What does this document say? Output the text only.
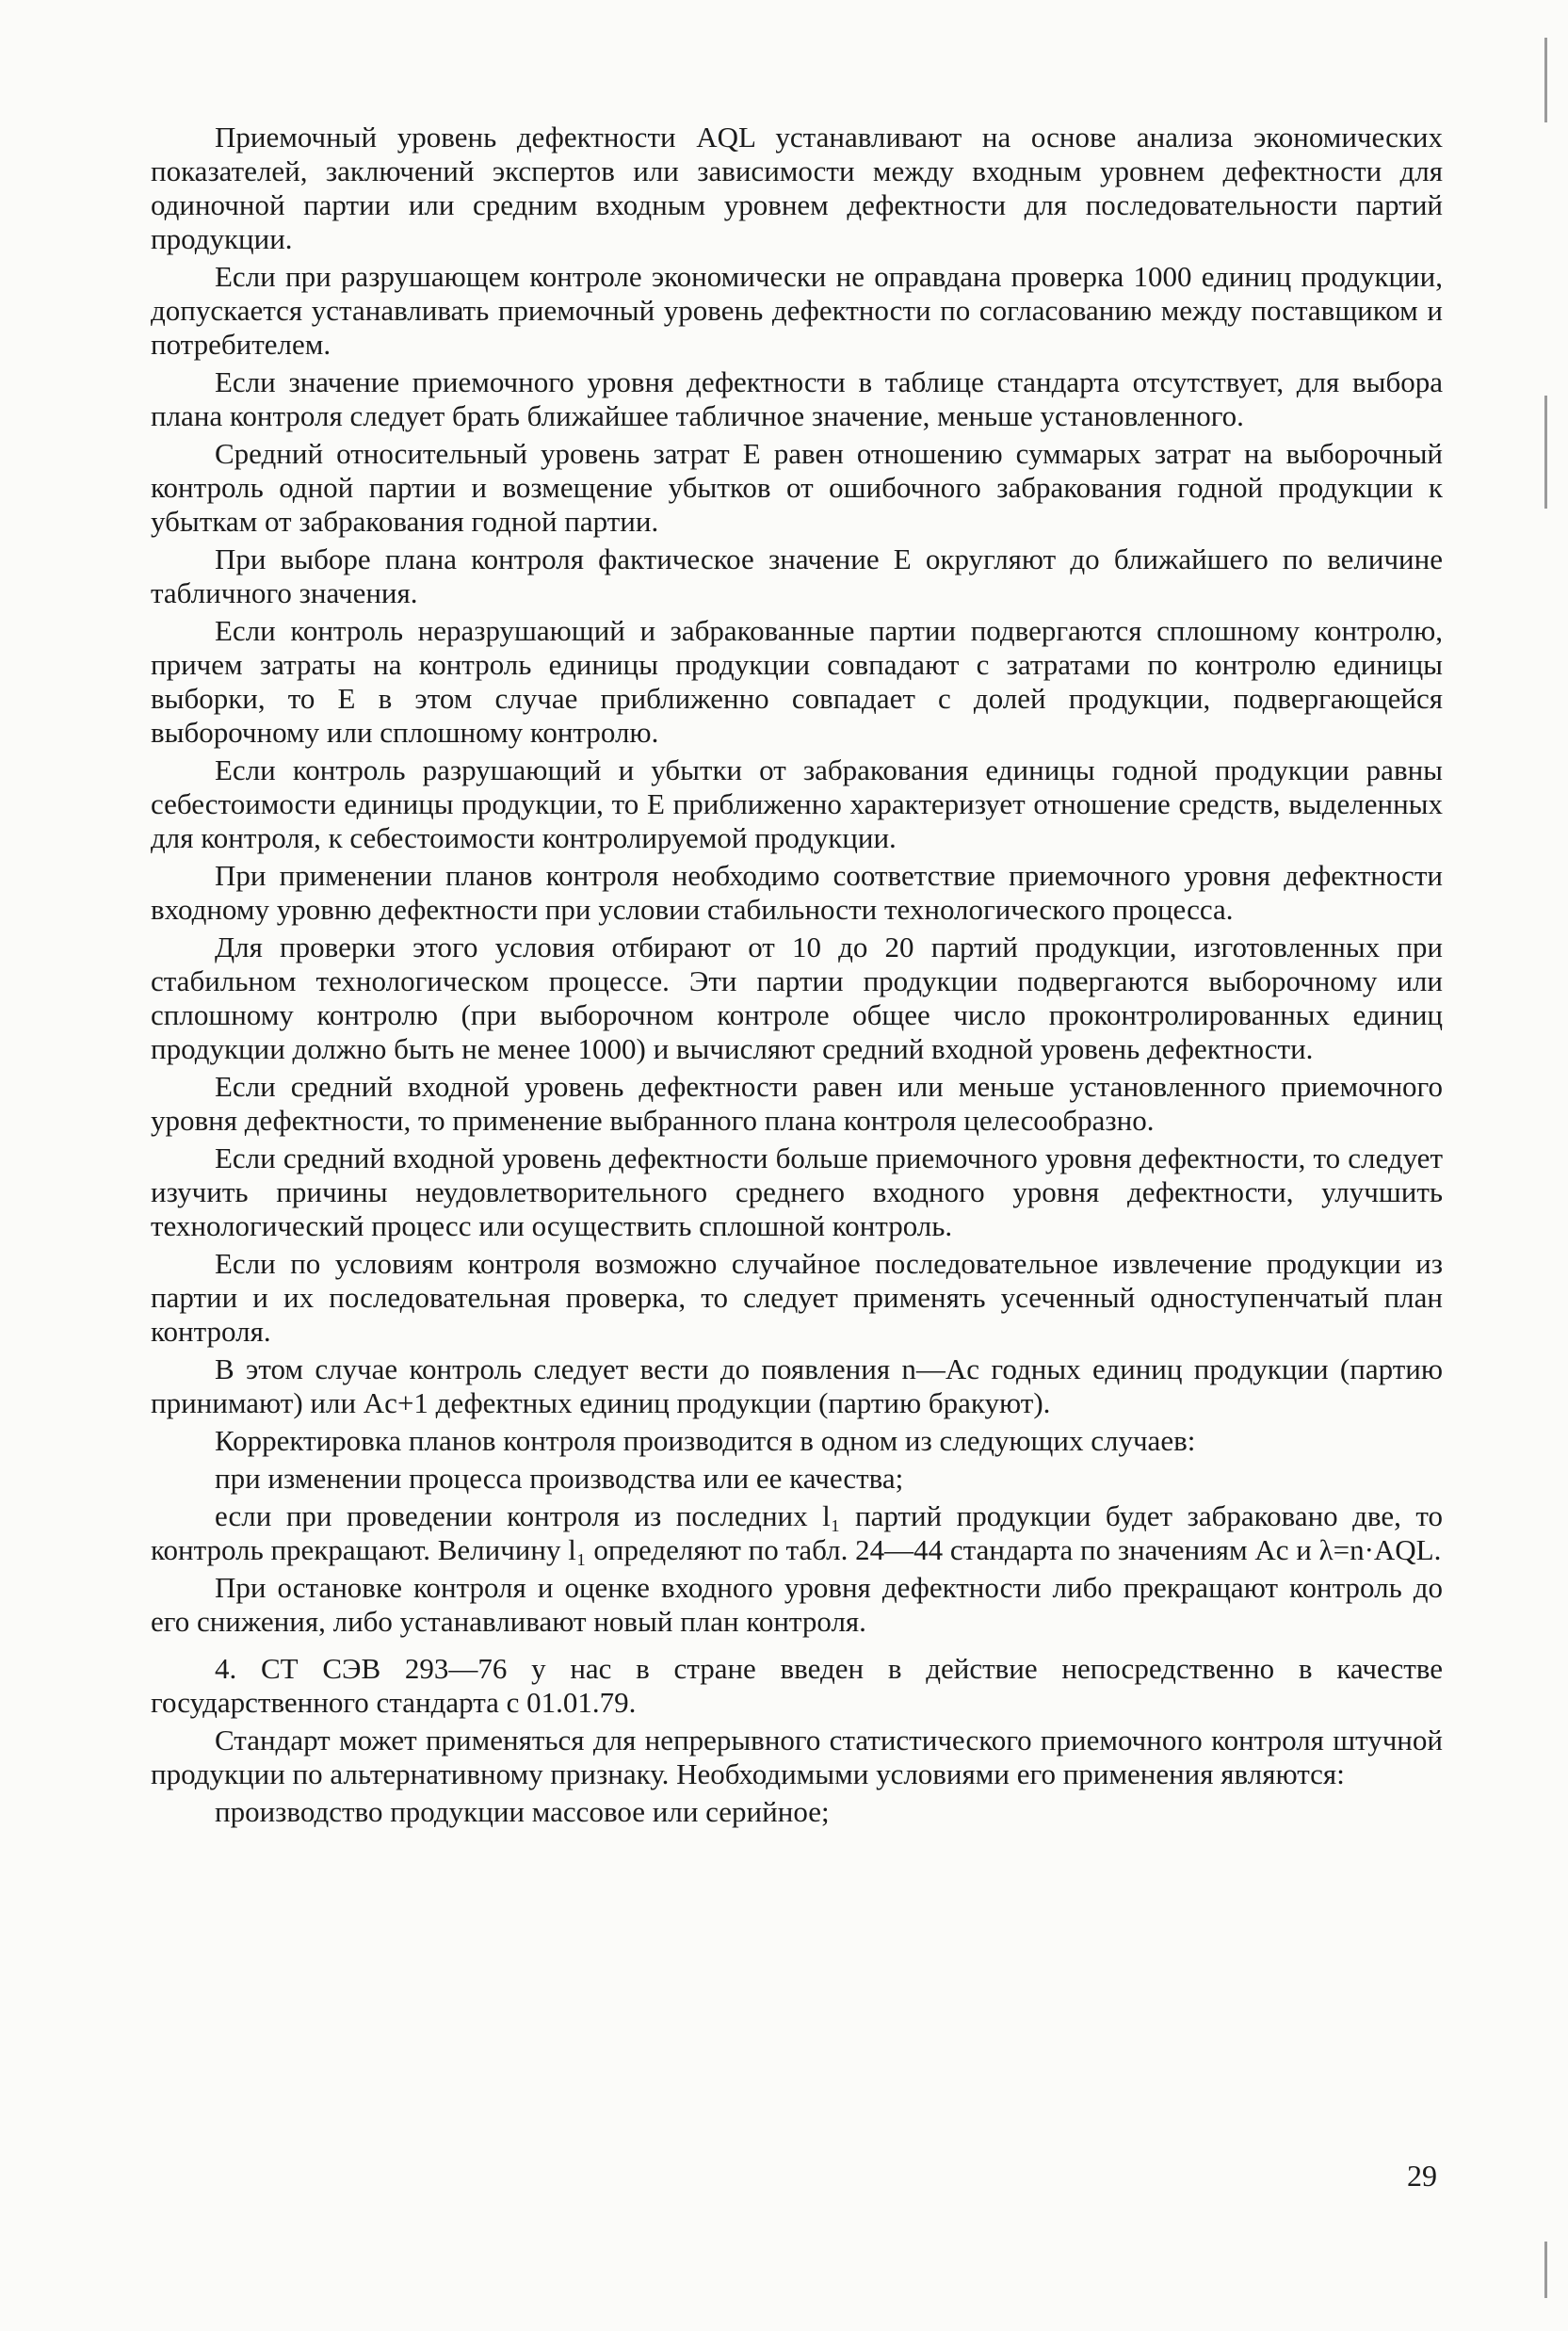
Приемочный уровень дефектности AQL устанавливают на основе анализа экономических показателей, заключений экспертов или зависимости между входным уровнем дефектности для одиночной партии или средним входным уровнем дефектности для последовательности партий продукции.

Если при разрушающем контроле экономически не оправдана проверка 1000 единиц продукции, допускается устанавливать приемочный уровень дефектности по согласованию между поставщиком и потребителем.

Если значение приемочного уровня дефектности в таблице стандарта отсутствует, для выбора плана контроля следует брать ближайшее табличное значение, меньше установленного.

Средний относительный уровень затрат E равен отношению суммарых затрат на выборочный контроль одной партии и возмещение убытков от ошибочного забракования годной продукции к убыткам от забракования годной партии.

При выборе плана контроля фактическое значение E округляют до ближайшего по величине табличного значения.

Если контроль неразрушающий и забракованные партии подвергаются сплошному контролю, причем затраты на контроль единицы продукции совпадают с затратами по контролю единицы выборки, то E в этом случае приближенно совпадает с долей продукции, подвергающейся выборочному или сплошному контролю.

Если контроль разрушающий и убытки от забракования единицы годной продукции равны себестоимости единицы продукции, то E приближенно характеризует отношение средств, выделенных для контроля, к себестоимости контролируемой продукции.

При применении планов контроля необходимо соответствие приемочного уровня дефектности входному уровню дефектности при условии стабильности технологического процесса.

Для проверки этого условия отбирают от 10 до 20 партий продукции, изготовленных при стабильном технологическом процессе. Эти партии продукции подвергаются выборочному или сплошному контролю (при выборочном контроле общее число проконтролированных единиц продукции должно быть не менее 1000) и вычисляют средний входной уровень дефектности.

Если средний входной уровень дефектности равен или меньше установленного приемочного уровня дефектности, то применение выбранного плана контроля целесообразно.

Если средний входной уровень дефектности больше приемочного уровня дефектности, то следует изучить причины неудовлетворительного среднего входного уровня дефектности, улучшить технологический процесс или осуществить сплошной контроль.

Если по условиям контроля возможно случайное последовательное извлечение продукции из партии и их последовательная проверка, то следует применять усеченный одноступенчатый план контроля.

В этом случае контроль следует вести до появления n—Ac годных единиц продукции (партию принимают) или Ac+1 дефектных единиц продукции (партию бракуют).

Корректировка планов контроля производится в одном из следующих случаев:

при изменении процесса производства или ее качества;

если при проведении контроля из последних l₁ партий продукции будет забраковано две, то контроль прекращают. Величину l₁ определяют по табл. 24—44 стандарта по значениям Ac и λ=n·AQL.

При остановке контроля и оценке входного уровня дефектности либо прекращают контроль до его снижения, либо устанавливают новый план контроля.

4. СТ СЭВ 293—76 у нас в стране введен в действие непосредственно в качестве государственного стандарта с 01.01.79.

Стандарт может применяться для непрерывного статистического приемочного контроля штучной продукции по альтернативному признаку. Необходимыми условиями его применения являются:

производство продукции массовое или серийное;

29
